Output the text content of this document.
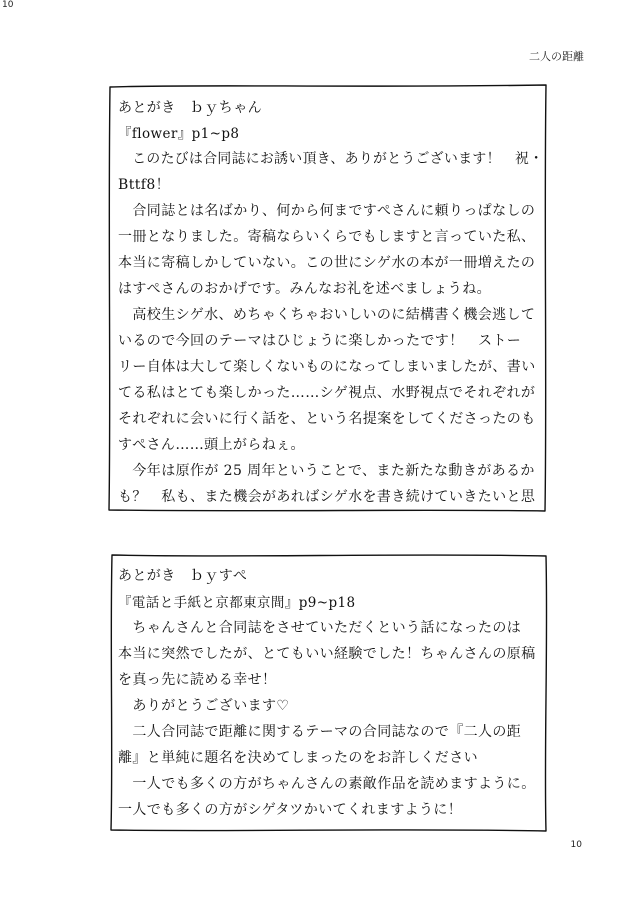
10
二人の距離
あとがき　ｂｙちゃん
『flower』p1~p8
　このたびは合同誌にお誘い頂き、ありがとうございます！　祝・
Bttf8！
　合同誌とは名ばかり、何から何まですぺさんに頼りっぱなしの
一冊となりました。寄稿ならいくらでもしますと言っていた私、
本当に寄稿しかしていない。この世にシゲ水の本が一冊増えたの
はすぺさんのおかげです。みんなお礼を述べましょうね。
　高校生シゲ水、めちゃくちゃおいしいのに結構書く機会逃して
いるので今回のテーマはひじょうに楽しかったです！　ストー
リー自体は大して楽しくないものになってしまいましたが、書い
てる私はとても楽しかった……シゲ視点、水野視点でそれぞれが
それぞれに会いに行く話を、という名提案をしてくださったのも
すぺさん……頭上がらねぇ。
　今年は原作が 25 周年ということで、また新たな動きがあるか
も？　私も、また機会があればシゲ水を書き続けていきたいと思
あとがき　ｂｙすぺ
『電話と手紙と京都東京間』p9~p18
　ちゃんさんと合同誌をさせていただくという話になったのは
本当に突然でしたが、とてもいい経験でした！ちゃんさんの原稿
を真っ先に読める幸せ！
　ありがとうございます♡
　二人合同誌で距離に関するテーマの合同誌なので『二人の距
離』と単純に題名を決めてしまったのをお許しください
　一人でも多くの方がちゃんさんの素敵作品を読めますように。
一人でも多くの方がシゲタツかいてくれますように！
10
